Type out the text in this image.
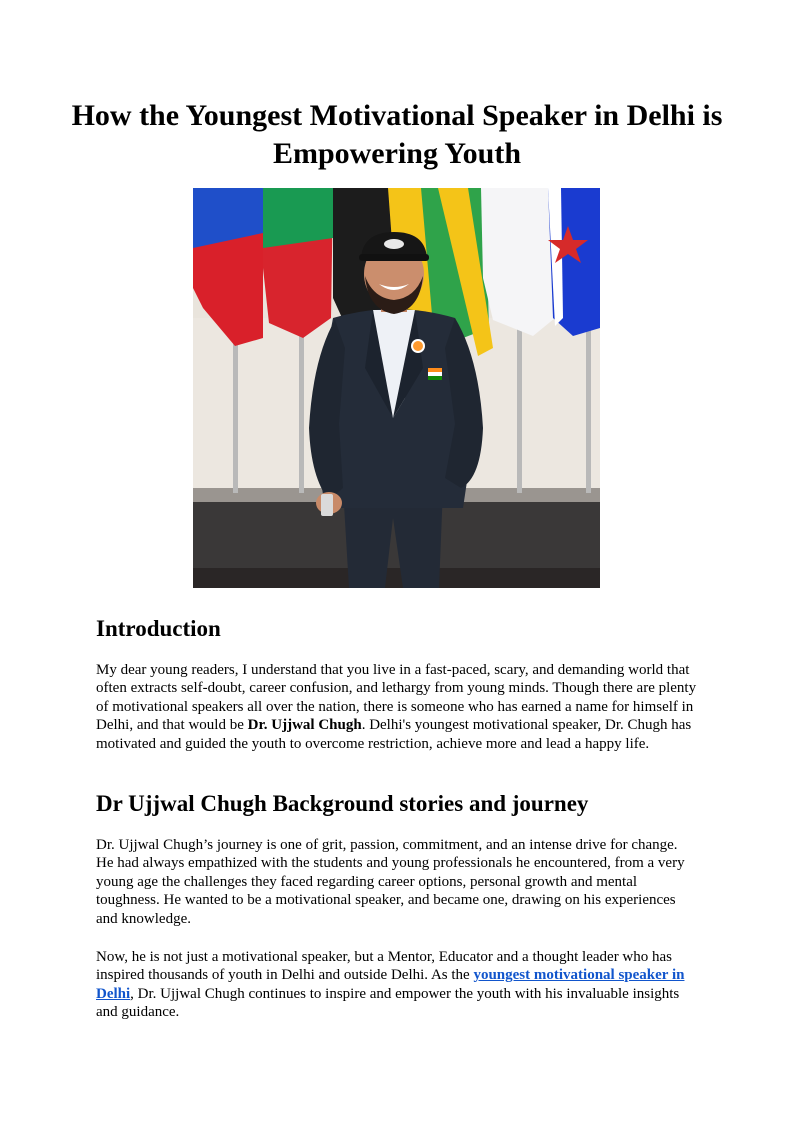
How the Youngest Motivational Speaker in Delhi is Empowering Youth
Introduction

My dear young readers, I understand that you live in a fast-paced, scary, and demanding world that often extracts self-doubt, career confusion, and lethargy from young minds. Though there are plenty of motivational speakers all over the nation, there is someone who has earned a name for himself in Delhi, and that would be Dr. Ujjwal Chugh. Delhi's youngest motivational speaker, Dr. Chugh has motivated and guided the youth to overcome restriction, achieve more and lead a happy life.

Dr Ujjwal Chugh Background stories and journey

Dr. Ujjwal Chugh’s journey is one of grit, passion, commitment, and an intense drive for change. He had always empathized with the students and young professionals he encountered, from a very young age the challenges they faced regarding career options, personal growth and mental toughness. He wanted to be a motivational speaker, and became one, drawing on his experiences and knowledge.

Now, he is not just a motivational speaker, but a Mentor, Educator and a thought leader who has inspired thousands of youth in Delhi and outside Delhi. As the youngest motivational speaker in Delhi, Dr. Ujjwal Chugh continues to inspire and empower the youth with his invaluable insights and guidance.
